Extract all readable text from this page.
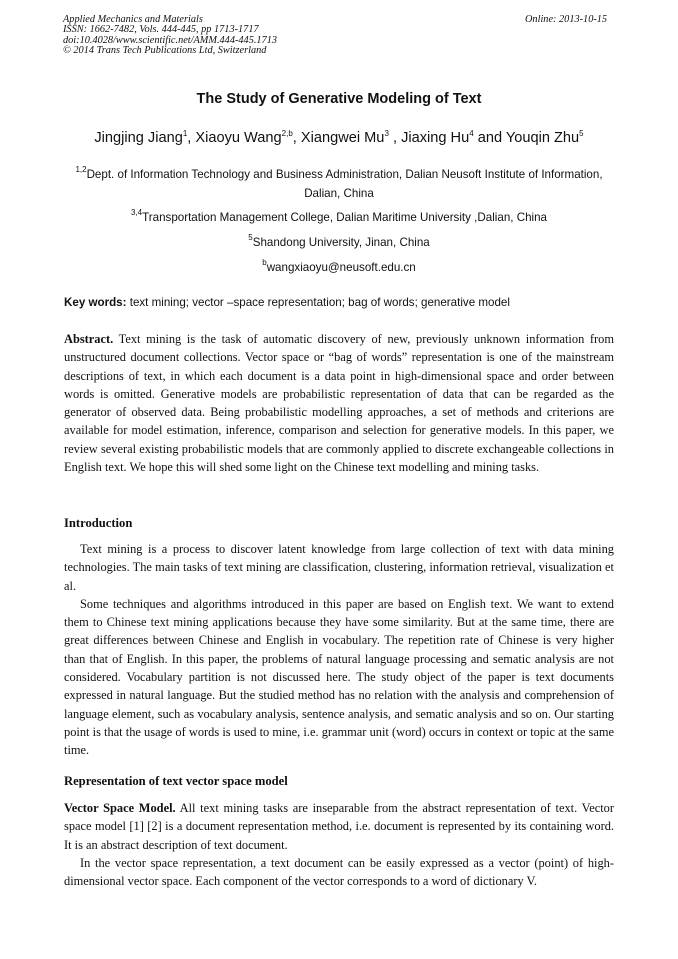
Applied Mechanics and Materials
ISSN: 1662-7482, Vols. 444-445, pp 1713-1717
doi:10.4028/www.scientific.net/AMM.444-445.1713
© 2014 Trans Tech Publications Ltd, Switzerland
Online: 2013-10-15
The Study of Generative Modeling of Text
Jingjing Jiang$^1$, Xiaoyu Wang$^{2,b}$, Xiangwei Mu$^3$ , Jiaxing Hu$^4$ and Youqin Zhu$^5$
$^{1,2}$Dept. of Information Technology and Business Administration, Dalian Neusoft Institute of Information, Dalian, China
$^{3,4}$Transportation Management College, Dalian Maritime University ,Dalian, China
$^5$Shandong University, Jinan, China
$^b$wangxiaoyu@neusoft.edu.cn
Key words: text mining; vector –space representation; bag of words; generative model

Abstract. Text mining is the task of automatic discovery of new, previously unknown information from unstructured document collections. Vector space or “bag of words” representation is one of the mainstream descriptions of text, in which each document is a data point in high-dimensional space and order between words is omitted. Generative models are probabilistic representation of data that can be regarded as the generator of observed data. Being probabilistic modelling approaches, a set of methods and criterions are available for model estimation, inference, comparison and selection for generative models. In this paper, we review several existing probabilistic models that are commonly applied to discrete exchangeable collections in English text. We hope this will shed some light on the Chinese text modelling and mining tasks.

Introduction

Text mining is a process to discover latent knowledge from large collection of text with data mining technologies. The main tasks of text mining are classification, clustering, information retrieval, visualization et al.

Some techniques and algorithms introduced in this paper are based on English text. We want to extend them to Chinese text mining applications because they have some similarity. But at the same time, there are great differences between Chinese and English in vocabulary. The repetition rate of Chinese is very higher than that of English. In this paper, the problems of natural language processing and sematic analysis are not considered. Vocabulary partition is not discussed here. The study object of the paper is text documents expressed in natural language. But the studied method has no relation with the analysis and comprehension of language element, such as vocabulary analysis, sentence analysis, and sematic analysis and so on. Our starting point is that the usage of words is used to mine, i.e. grammar unit (word) occurs in context or topic at the same time.

Representation of text vector space model

Vector Space Model. All text mining tasks are inseparable from the abstract representation of text. Vector space model [1] [2] is a document representation method, i.e. document is represented by its containing word. It is an abstract description of text document.

In the vector space representation, a text document can be easily expressed as a vector (point) of high-dimensional vector space. Each component of the vector corresponds to a word of dictionary V.
